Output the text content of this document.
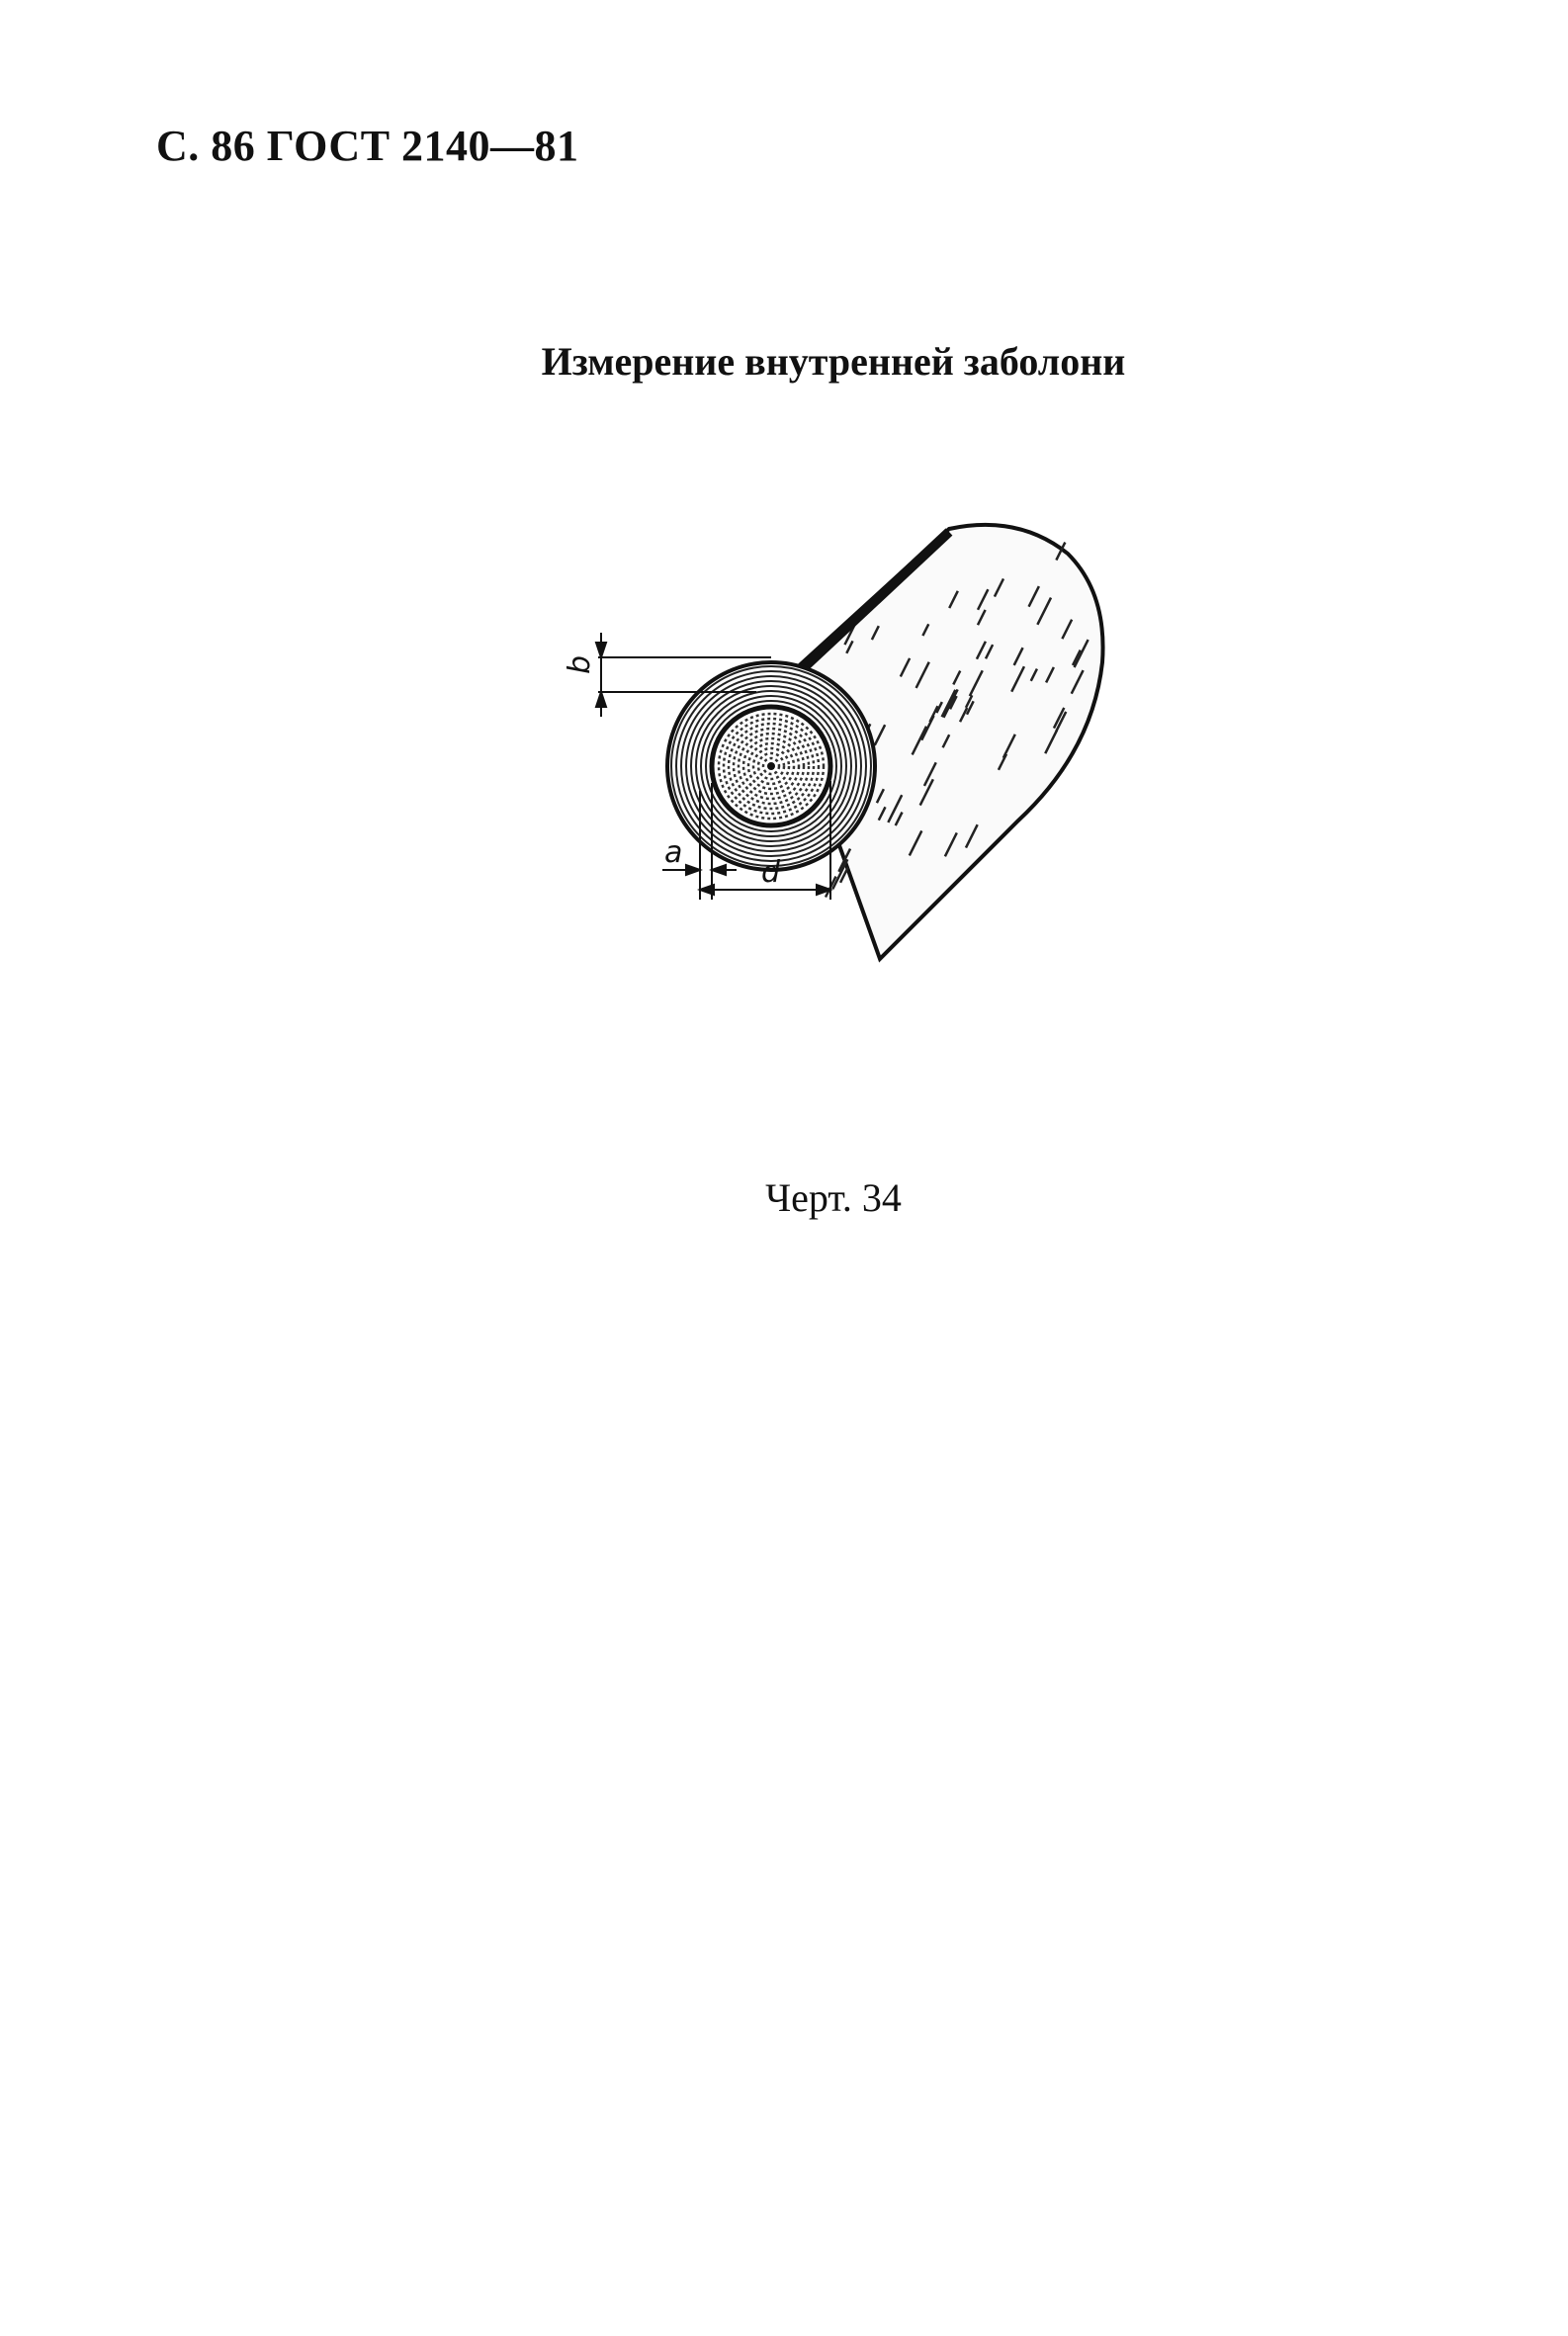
С. 86 ГОСТ 2140—81
Измерение внутренней заболони
b
a
d
Черт. 34
